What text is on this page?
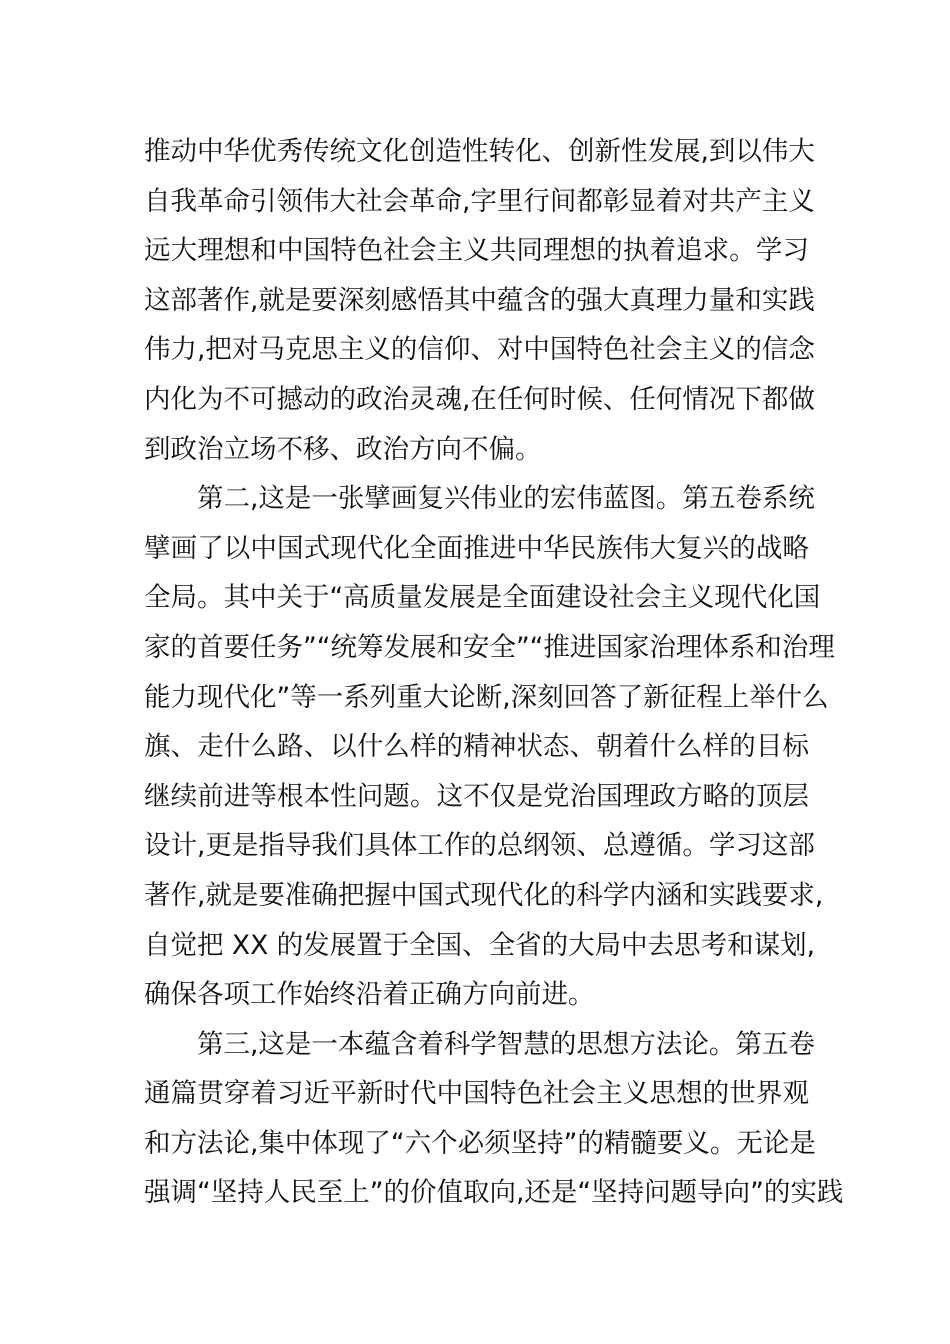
推动中华优秀传统文化创造性转化、创新性发展,到以伟大
自我革命引领伟大社会革命,字里行间都彰显着对共产主义
远大理想和中国特色社会主义共同理想的执着追求。学习
这部著作,就是要深刻感悟其中蕴含的强大真理力量和实践
伟力,把对马克思主义的信仰、对中国特色社会主义的信念
内化为不可撼动的政治灵魂,在任何时候、任何情况下都做
到政治立场不移、政治方向不偏。
第二,这是一张擘画复兴伟业的宏伟蓝图。第五卷系统
擘画了以中国式现代化全面推进中华民族伟大复兴的战略
全局。其中关于“高质量发展是全面建设社会主义现代化国
家的首要任务”“统筹发展和安全”“推进国家治理体系和治理
能力现代化”等一系列重大论断,深刻回答了新征程上举什么
旗、走什么路、以什么样的精神状态、朝着什么样的目标
继续前进等根本性问题。这不仅是党治国理政方略的顶层
设计,更是指导我们具体工作的总纲领、总遵循。学习这部
著作,就是要准确把握中国式现代化的科学内涵和实践要求,
自觉把 XX 的发展置于全国、全省的大局中去思考和谋划,
确保各项工作始终沿着正确方向前进。
第三,这是一本蕴含着科学智慧的思想方法论。第五卷
通篇贯穿着习近平新时代中国特色社会主义思想的世界观
和方法论,集中体现了“六个必须坚持”的精髓要义。无论是
强调“坚持人民至上”的价值取向,还是“坚持问题导向”的实践
